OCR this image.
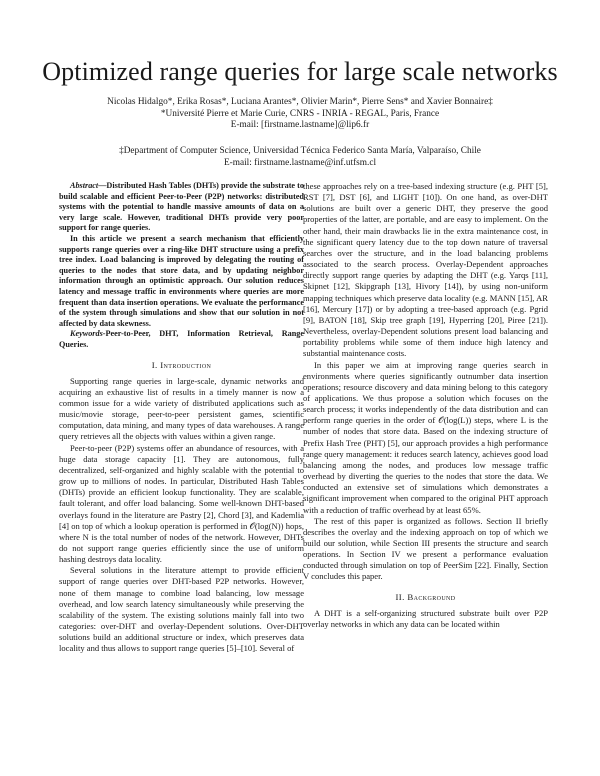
Optimized range queries for large scale networks
Nicolas Hidalgo*, Erika Rosas*, Luciana Arantes*, Olivier Marin*, Pierre Sens* and Xavier Bonnaire‡
*Université Pierre et Marie Curie, CNRS - INRIA - REGAL, Paris, France
E-mail: [firstname.lastname]@lip6.fr
‡Department of Computer Science, Universidad Técnica Federico Santa María, Valparaíso, Chile
E-mail: firstname.lastname@inf.utfsm.cl

Abstract—Distributed Hash Tables (DHTs) provide the substrate to build scalable and efficient Peer-to-Peer (P2P) networks: distributed systems with the potential to handle massive amounts of data on a very large scale. However, traditional DHTs provide very poor support for range queries.

In this article we present a search mechanism that efficiently supports range queries over a ring-like DHT structure using a prefix tree index. Load balancing is improved by delegating the routing of queries to the nodes that store data, and by updating neighbor information through an optimistic approach. Our solution reduces latency and message traffic in environments where queries are more frequent than data insertion operations. We evaluate the performance of the system through simulations and show that our solution in not affected by data skewness.

Keywords-Peer-to-Peer, DHT, Information Retrieval, Range Queries.

I. Introduction

Supporting range queries in large-scale, dynamic networks and acquiring an exhaustive list of results in a timely manner is now a common issue for a wide variety of distributed applications such as music/movie storage, peer-to-peer persistent games, scientific computation, data mining, and many types of data warehouses. A range query retrieves all the objects with values within a given range.

Peer-to-peer (P2P) systems offer an abundance of resources, with a huge data storage capacity [1]. They are autonomous, fully decentralized, self-organized and highly scalable with the potential to grow up to millions of nodes. In particular, Distributed Hash Tables (DHTs) provide an efficient lookup functionality. They are scalable, fault tolerant, and offer load balancing. Some well-known DHT-based overlays found in the literature are Pastry [2], Chord [3], and Kademlia [4] on top of which a lookup operation is performed in 𝒪(log(N)) hops, where N is the total number of nodes of the network. However, DHTs do not support range queries efficiently since the use of uniform hashing destroys data locality.

Several solutions in the literature attempt to provide efficient support of range queries over DHT-based P2P networks. However, none of them manage to combine load balancing, low message overhead, and low search latency simultaneously while preserving the scalability of the system. The existing solutions mainly fall into two categories: over-DHT and overlay-Dependent solutions. Over-DHT solutions build an additional structure or index, which preserves data locality and thus allows to support range queries [5]–[10]. Several of

these approaches rely on a tree-based indexing structure (e.g. PHT [5], RST [7], DST [6], and LIGHT [10]). On one hand, as over-DHT solutions are built over a generic DHT, they preserve the good properties of the latter, are portable, and are easy to implement. On the other hand, their main drawbacks lie in the extra maintenance cost, in the significant query latency due to the top down nature of traversal searches over the structure, and in the load balancing problems associated to the search process. Overlay-Dependent approaches directly support range queries by adapting the DHT (e.g. Yarqs [11], Skipnet [12], Skipgraph [13], Hivory [14]), by using non-uniform mapping techniques which preserve data locality (e.g. MANN [15], AR [16], Mercury [17]) or by adopting a tree-based approach (e.g. Pgrid [9], BATON [18], Skip tree graph [19], Hyperring [20], Piree [21]). Nevertheless, overlay-Dependent solutions present load balancing and portability problems while some of them induce high latency and substantial maintenance costs.

In this paper we aim at improving range queries search in environments where queries significantly outnumber data insertion operations; resource discovery and data mining belong to this category of applications. We thus propose a solution which focuses on the search process; it works independently of the data distribution and can perform range queries in the order of 𝒪(log(L)) steps, where L is the number of nodes that store data. Based on the indexing structure of Prefix Hash Tree (PHT) [5], our approach provides a high performance range query management: it reduces search latency, achieves good load balancing among the nodes, and produces low message traffic overhead by diverting the queries to the nodes that store the data. We conducted an extensive set of simulations which demonstrates a significant improvement when compared to the original PHT approach with a reduction of traffic overhead by at least 65%.

The rest of this paper is organized as follows. Section II briefly describes the overlay and the indexing approach on top of which we build our solution, while Section III presents the structure and search operations. In Section IV we present a performance evaluation conducted through simulation on top of PeerSim [22]. Finally, Section V concludes this paper.

II. Background

A DHT is a self-organizing structured substrate built over P2P overlay networks in which any data can be located within
